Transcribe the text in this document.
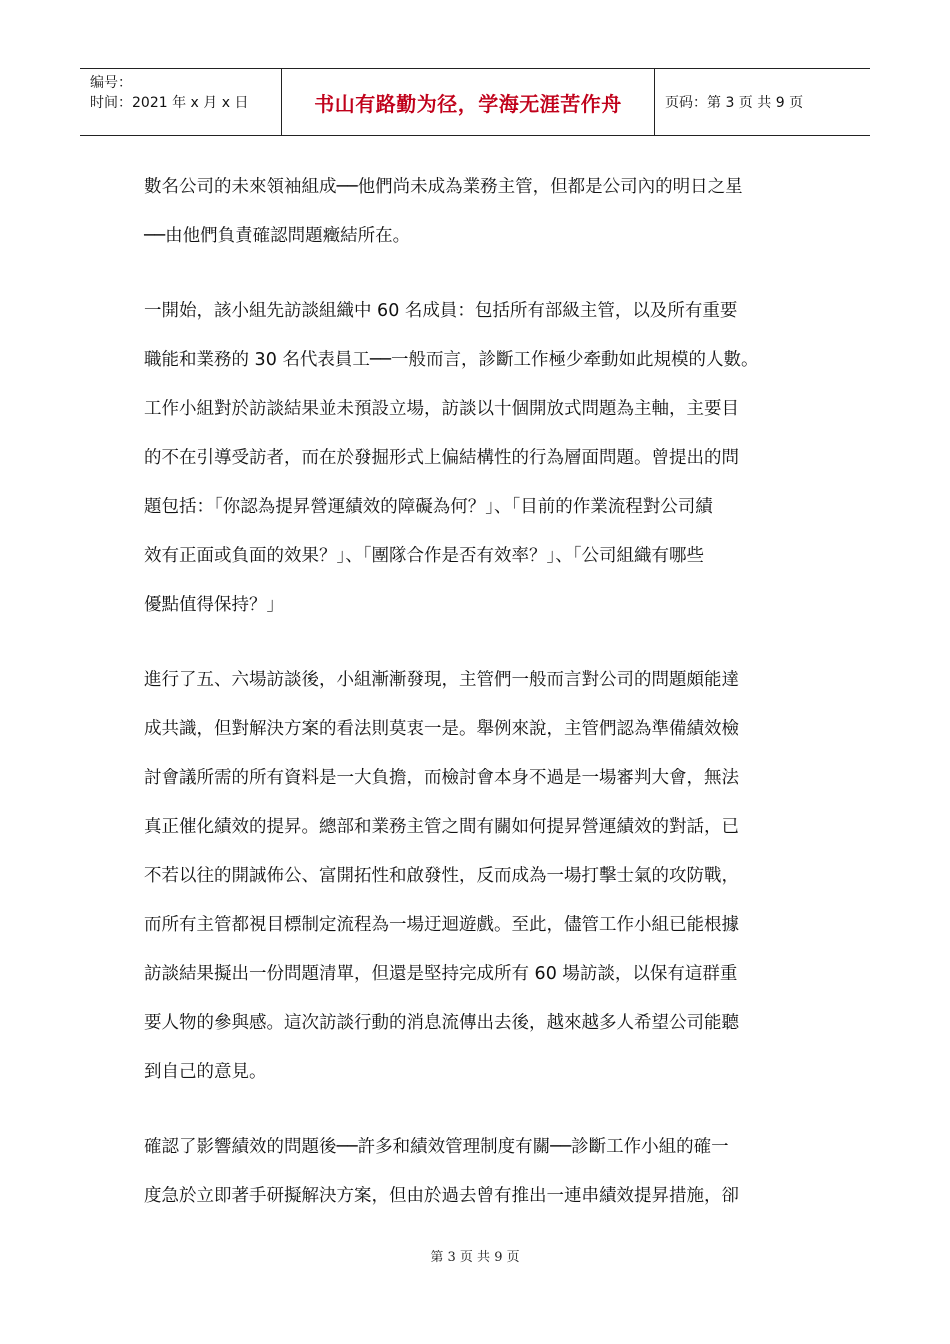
编号：
时间：2021 年 x 月 x 日	书山有路勤为径，学海无涯苦作舟	页码：第 3 页 共 9 页
數名公司的未來領袖組成──他們尚未成為業務主管，但都是公司內的明日之星
──由他們負責確認問題癥結所在。
一開始，該小組先訪談組織中 60 名成員：包括所有部級主管，以及所有重要
職能和業務的 30 名代表員工──一般而言，診斷工作極少牽動如此規模的人數。
工作小組對於訪談結果並未預設立場，訪談以十個開放式問題為主軸，主要目
的不在引導受訪者，而在於發掘形式上偏結構性的行為層面問題。曾提出的問
題包括：「你認為提昇營運績效的障礙為何？」、「目前的作業流程對公司績
效有正面或負面的效果？」、「團隊合作是否有效率？」、「公司組織有哪些
優點值得保持？」
進行了五、六場訪談後，小組漸漸發現，主管們一般而言對公司的問題頗能達
成共識，但對解決方案的看法則莫衷一是。舉例來說，主管們認為準備績效檢
討會議所需的所有資料是一大負擔，而檢討會本身不過是一場審判大會，無法
真正催化績效的提昇。總部和業務主管之間有關如何提昇營運績效的對話，已
不若以往的開誠佈公、富開拓性和啟發性，反而成為一場打擊士氣的攻防戰，
而所有主管都視目標制定流程為一場迂迴遊戲。至此，儘管工作小組已能根據
訪談結果擬出一份問題清單，但還是堅持完成所有 60 場訪談，以保有這群重
要人物的參與感。這次訪談行動的消息流傳出去後，越來越多人希望公司能聽
到自己的意見。
確認了影響績效的問題後──許多和績效管理制度有關──診斷工作小組的確一
度急於立即著手研擬解決方案，但由於過去曾有推出一連串績效提昇措施，卻
第 3 页 共 9 页
